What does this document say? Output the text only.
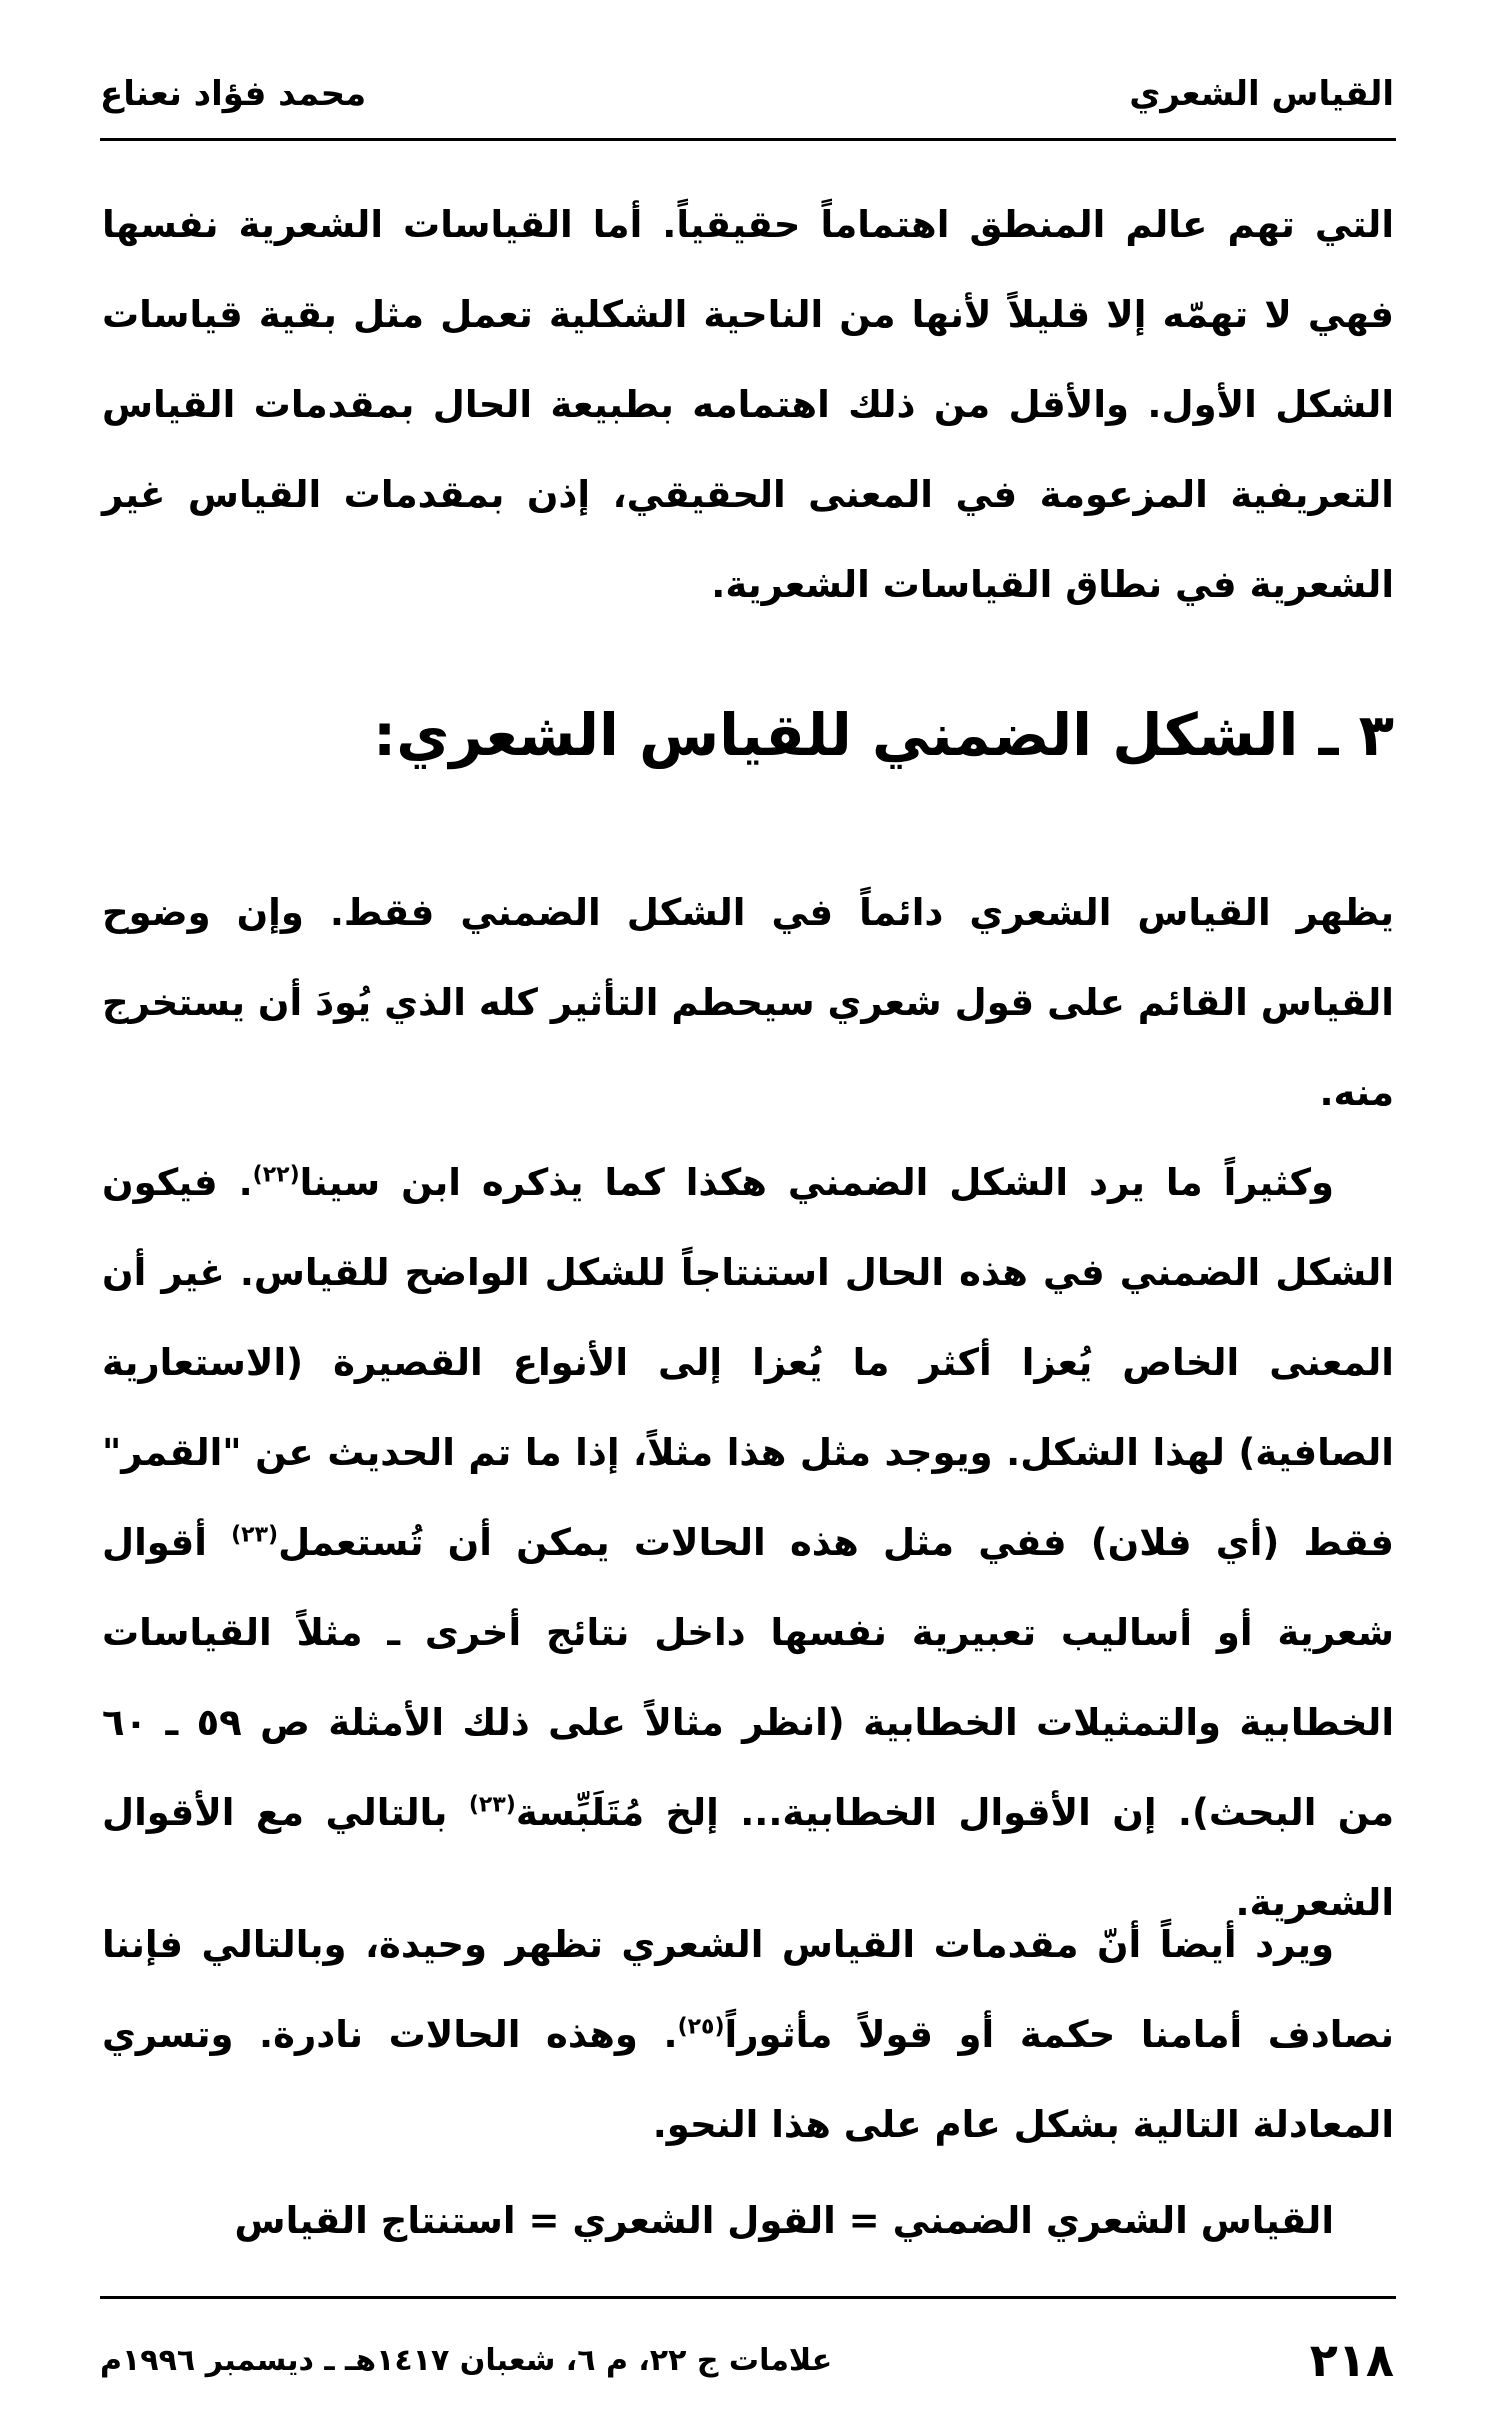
القياس الشعري
محمد فؤاد نعناع

التي تهم عالم المنطق اهتماماً حقيقياً. أما القياسات الشعرية نفسها فهي لا تهمّه إلا قليلاً لأنها من الناحية الشكلية تعمل مثل بقية قياسات الشكل الأول. والأقل من ذلك اهتمامه بطبيعة الحال بمقدمات القياس التعريفية المزعومة في المعنى الحقيقي، إذن بمقدمات القياس غير الشعرية في نطاق القياسات الشعرية.

٣ ـ الشكل الضمني للقياس الشعري:

يظهر القياس الشعري دائماً في الشكل الضمني فقط. وإن وضوح القياس القائم على قول شعري سيحطم التأثير كله الذي يُودَ أن يستخرج منه.

وكثيراً ما يرد الشكل الضمني هكذا كما يذكره ابن سينا$^{(٢٢)}$. فيكون الشكل الضمني في هذه الحال استنتاجاً للشكل الواضح للقياس. غير أن المعنى الخاص يُعزا أكثر ما يُعزا إلى الأنواع القصيرة (الاستعارية الصافية) لهذا الشكل. ويوجد مثل هذا مثلاً، إذا ما تم الحديث عن "القمر" فقط (أي فلان) ففي مثل هذه الحالات يمكن أن تُستعمل$^{(٢٣)}$ أقوال شعرية أو أساليب تعبيرية نفسها داخل نتائج أخرى ـ مثلاً القياسات الخطابية والتمثيلات الخطابية (انظر مثالاً على ذلك الأمثلة ص ٥٩ ـ ٦٠ من البحث). إن الأقوال الخطابية... إلخ مُتَلَبِّسة$^{(٢٣)}$ بالتالي مع الأقوال الشعرية.

ويرد أيضاً أنّ مقدمات القياس الشعري تظهر وحيدة، وبالتالي فإننا نصادف أمامنا حكمة أو قولاً مأثوراً$^{(٢٥)}$. وهذه الحالات نادرة. وتسري المعادلة التالية بشكل عام على هذا النحو.

القياس الشعري الضمني = القول الشعري = استنتاج القياس

٢١٨
علامات ج ٢٢، م ٦، شعبان ١٤١٧هـ ـ ديسمبر ١٩٩٦م
